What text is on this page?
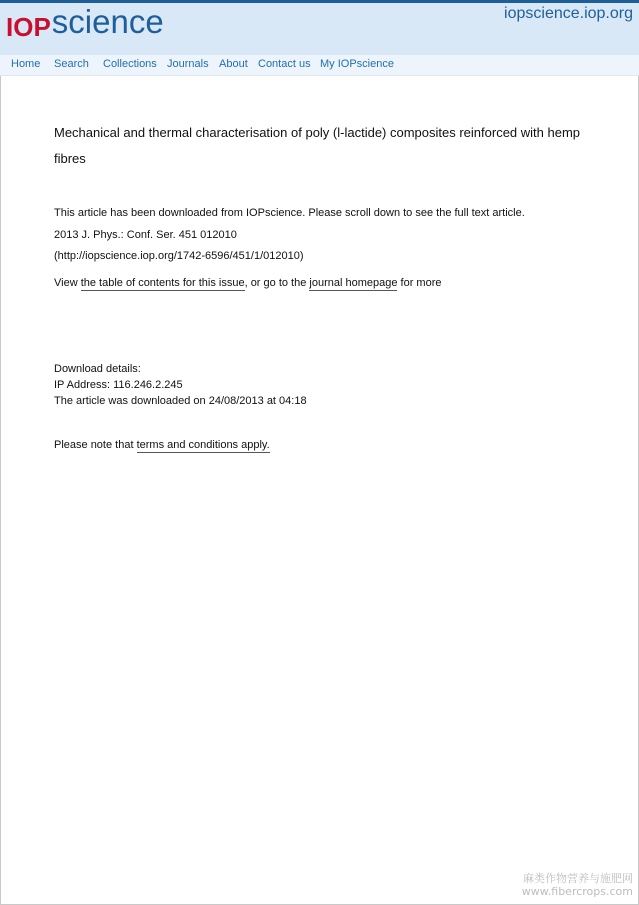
IOPscience	iopscience.iop.org
Home Search Collections Journals About Contact us My IOPscience
Mechanical and thermal characterisation of poly (l-lactide) composites reinforced with hemp fibres
This article has been downloaded from IOPscience. Please scroll down to see the full text article.
2013 J. Phys.: Conf. Ser. 451 012010
(http://iopscience.iop.org/1742-6596/451/1/012010)
View the table of contents for this issue, or go to the journal homepage for more
Download details:
IP Address: 116.246.2.245
The article was downloaded on 24/08/2013 at 04:18
Please note that terms and conditions apply.
麻类作物营养与施肥网
www.fibercrops.com
